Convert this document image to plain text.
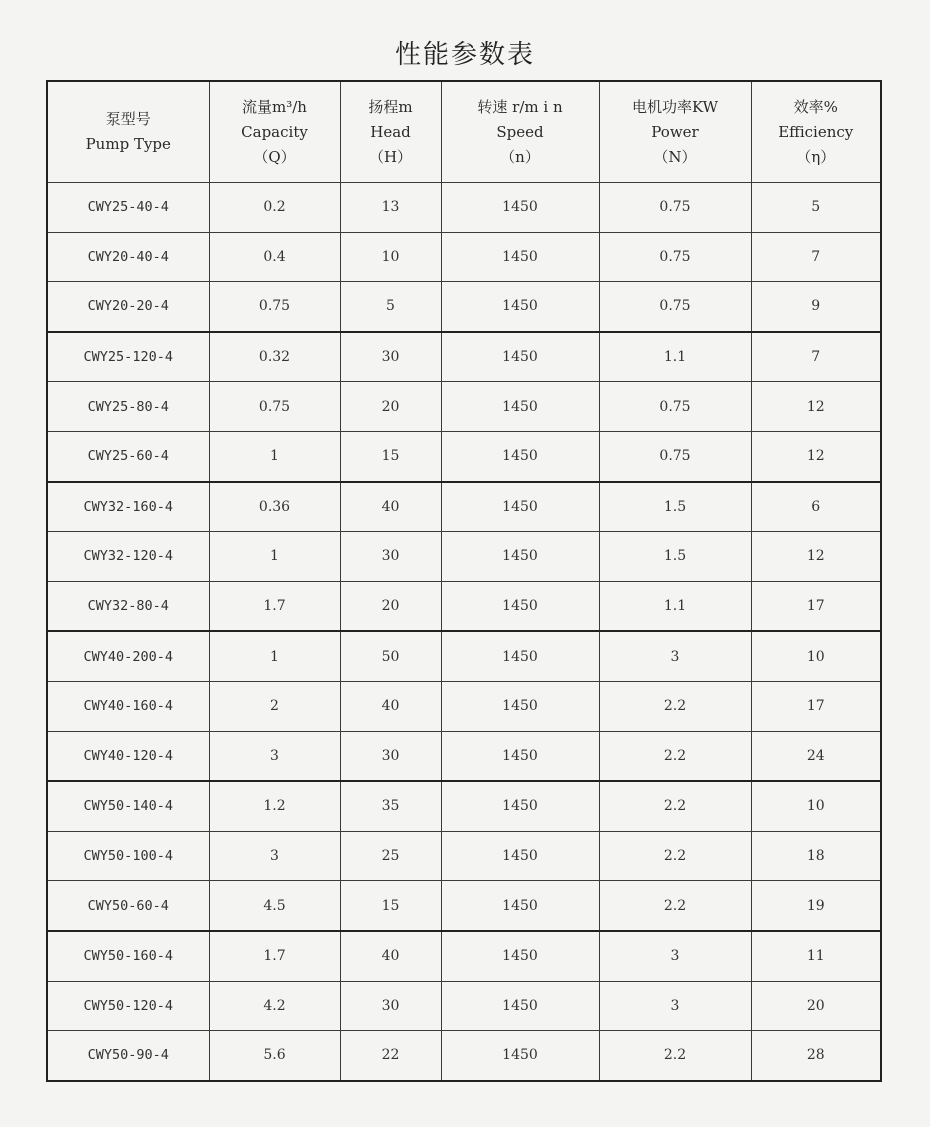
性能参数表
泵型号
Pump Type	流量m³/h
Capacity
（Q）	扬程m
Head
（H）	转速 r/m i n
Speed
（n）	电机功率KW
Power
（N）	效率%
Efficiency
（η）

CWY25-40-4	0.2	13	1450	0.75	5
CWY20-40-4	0.4	10	1450	0.75	7
CWY20-20-4	0.75	5	1450	0.75	9
CWY25-120-4	0.32	30	1450	1.1	7
CWY25-80-4	0.75	20	1450	0.75	12
CWY25-60-4	1	15	1450	0.75	12
CWY32-160-4	0.36	40	1450	1.5	6
CWY32-120-4	1	30	1450	1.5	12
CWY32-80-4	1.7	20	1450	1.1	17
CWY40-200-4	1	50	1450	3	10
CWY40-160-4	2	40	1450	2.2	17
CWY40-120-4	3	30	1450	2.2	24
CWY50-140-4	1.2	35	1450	2.2	10
CWY50-100-4	3	25	1450	2.2	18
CWY50-60-4	4.5	15	1450	2.2	19
CWY50-160-4	1.7	40	1450	3	11
CWY50-120-4	4.2	30	1450	3	20
CWY50-90-4	5.6	22	1450	2.2	28
